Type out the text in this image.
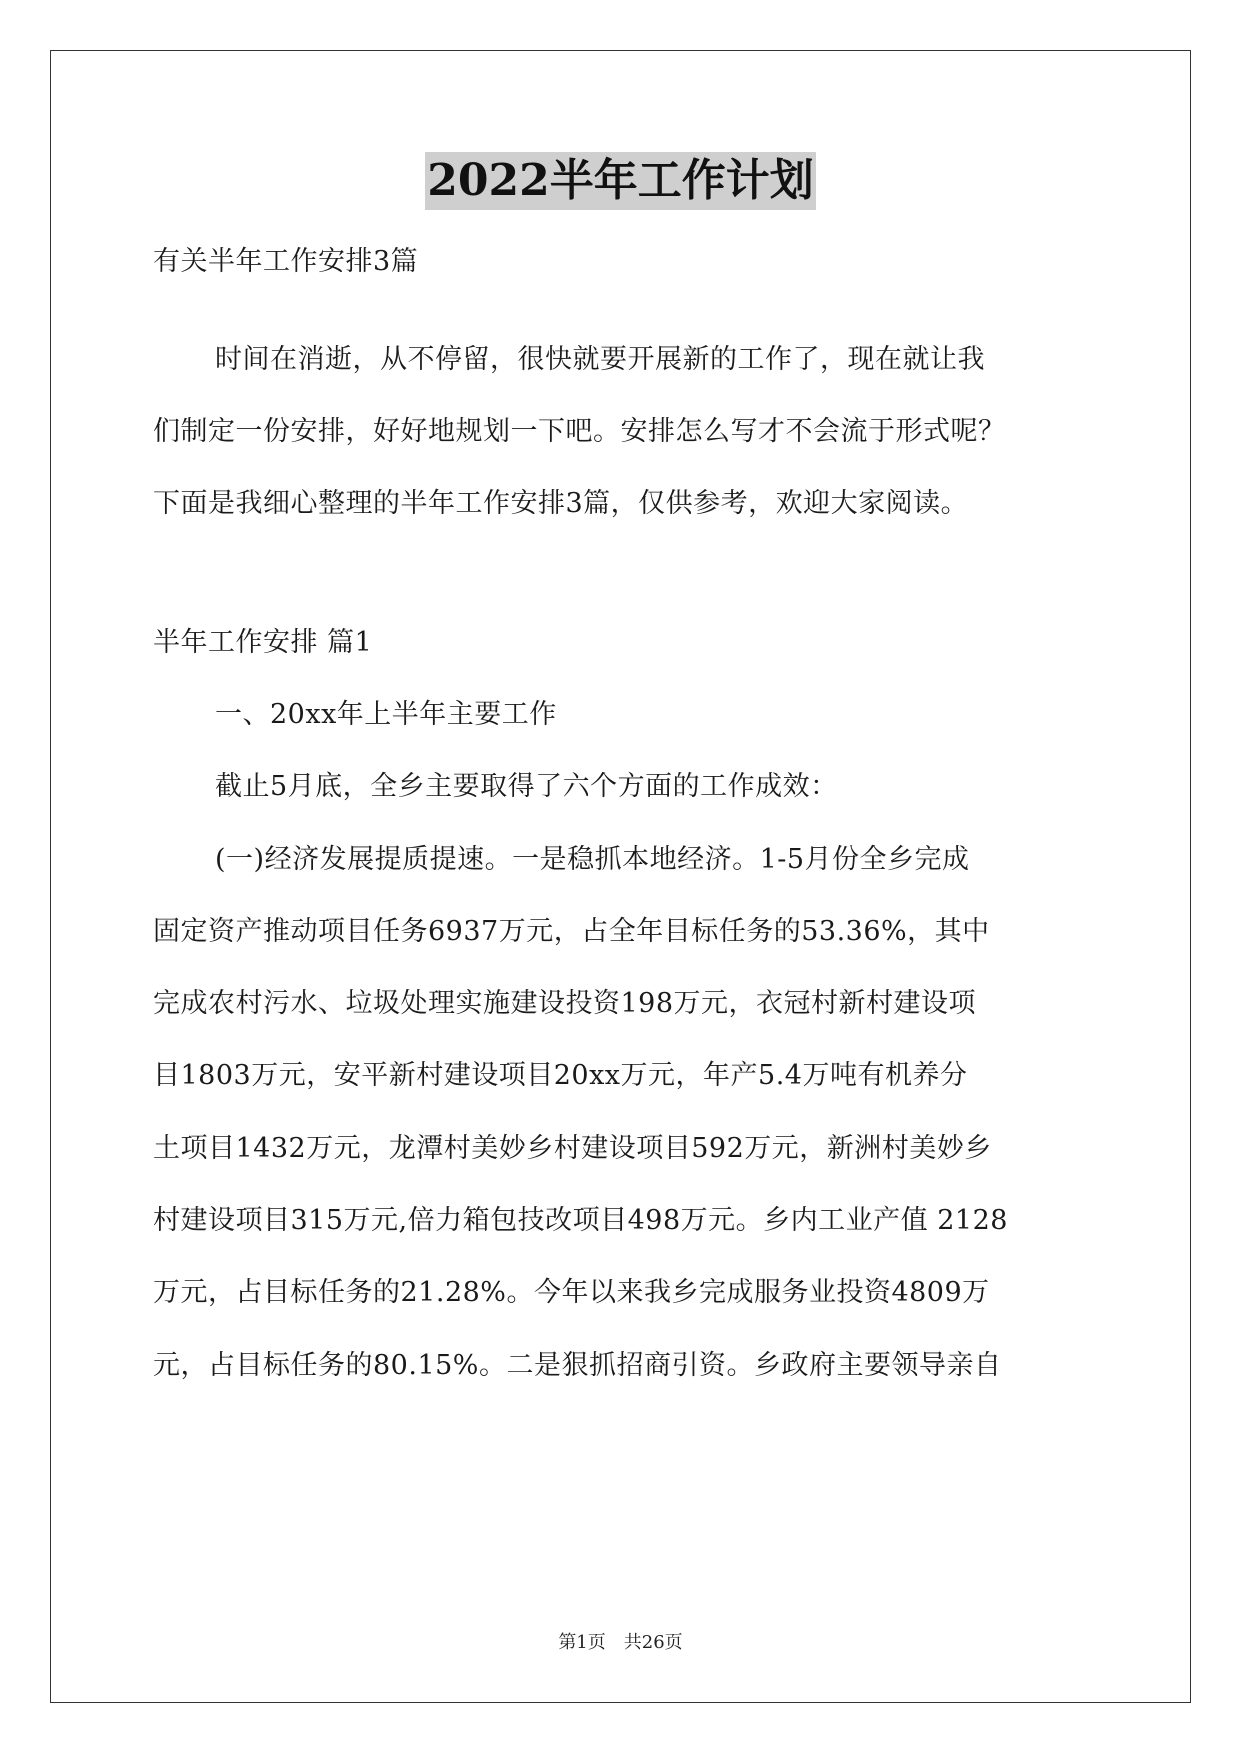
2022半年工作计划
有关半年工作安排3篇
时间在消逝，从不停留，很快就要开展新的工作了，现在就让我
们制定一份安排，好好地规划一下吧。安排怎么写才不会流于形式呢？
下面是我细心整理的半年工作安排3篇，仅供参考，欢迎大家阅读。
半年工作安排 篇1
一、20xx年上半年主要工作
截止5月底，全乡主要取得了六个方面的工作成效：
(一)经济发展提质提速。一是稳抓本地经济。1-5月份全乡完成
固定资产推动项目任务6937万元，占全年目标任务的53.36%，其中
完成农村污水、垃圾处理实施建设投资198万元，衣冠村新村建设项
目1803万元，安平新村建设项目20xx万元，年产5.4万吨有机养分
土项目1432万元，龙潭村美妙乡村建设项目592万元，新洲村美妙乡
村建设项目315万元,倍力箱包技改项目498万元。乡内工业产值 2128
万元，占目标任务的21.28%。今年以来我乡完成服务业投资4809万
元，占目标任务的80.15%。二是狠抓招商引资。乡政府主要领导亲自
第1页 共26页
